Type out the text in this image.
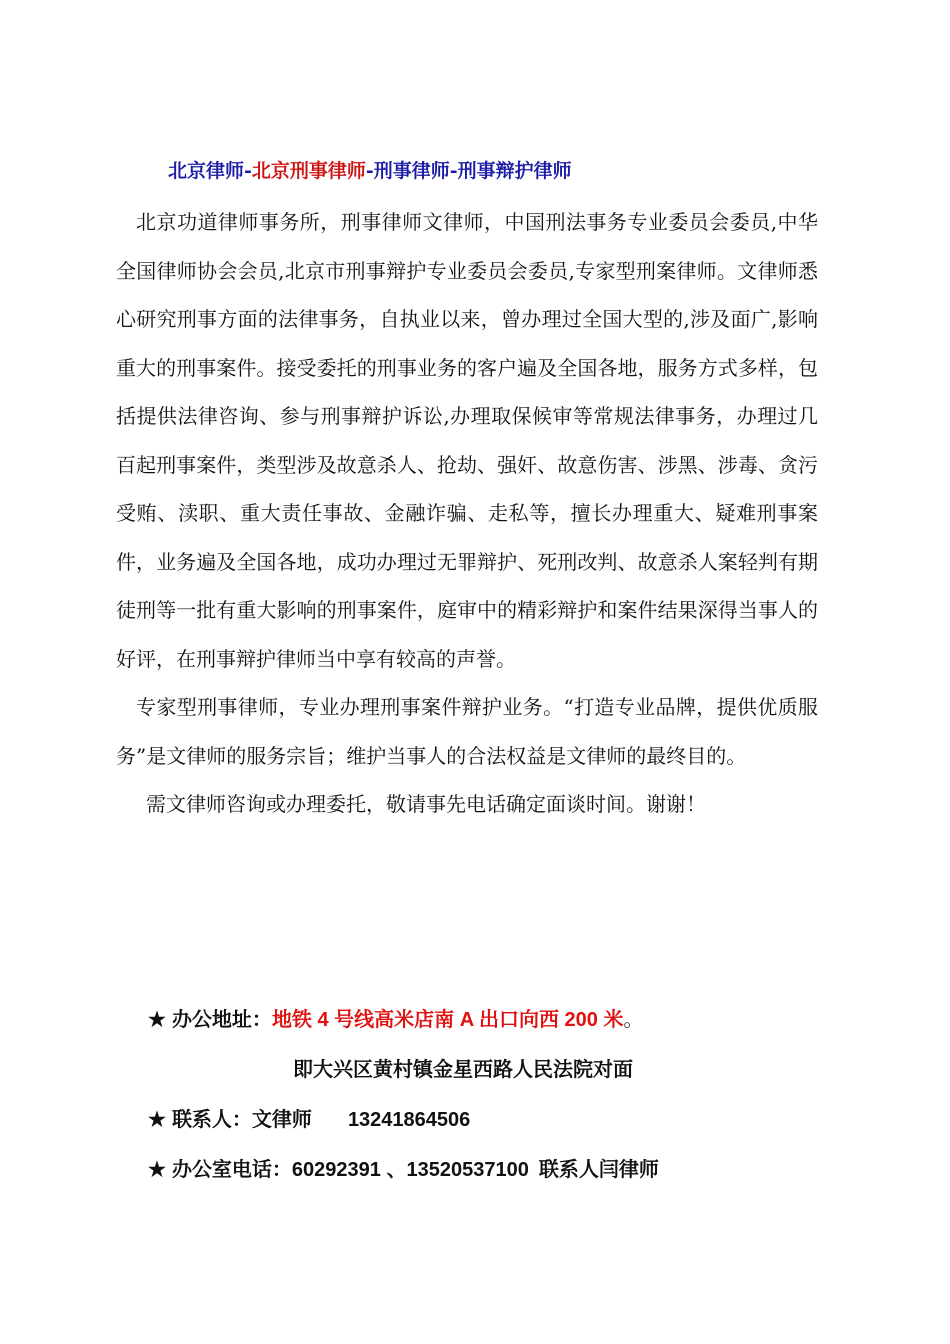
北京律师-北京刑事律师-刑事律师-刑事辩护律师

北京功道律师事务所，刑事律师文律师，中国刑法事务专业委员会委员,中华全国律师协会会员,北京市刑事辩护专业委员会委员,专家型刑案律师。文律师悉心研究刑事方面的法律事务，自执业以来，曾办理过全国大型的,涉及面广,影响重大的刑事案件。接受委托的刑事业务的客户遍及全国各地，服务方式多样，包括提供法律咨询、参与刑事辩护诉讼,办理取保候审等常规法律事务，办理过几百起刑事案件，类型涉及故意杀人、抢劫、强奸、故意伤害、涉黑、涉毒、贪污受贿、渎职、重大责任事故、金融诈骗、走私等，擅长办理重大、疑难刑事案件，业务遍及全国各地，成功办理过无罪辩护、死刑改判、故意杀人案轻判有期徒刑等一批有重大影响的刑事案件，庭审中的精彩辩护和案件结果深得当事人的好评，在刑事辩护律师当中享有较高的声誉。

专家型刑事律师，专业办理刑事案件辩护业务。“打造专业品牌，提供优质服务”是文律师的服务宗旨；维护当事人的合法权益是文律师的最终目的。

需文律师咨询或办理委托，敬请事先电话确定面谈时间。谢谢！

★ 办公地址：地铁 4 号线高米店南 A 出口向西 200 米。
即大兴区黄村镇金星西路人民法院对面
★ 联系人：文律师 13241864506
★ 办公室电话：60292391 、13520537100 联系人闫律师
